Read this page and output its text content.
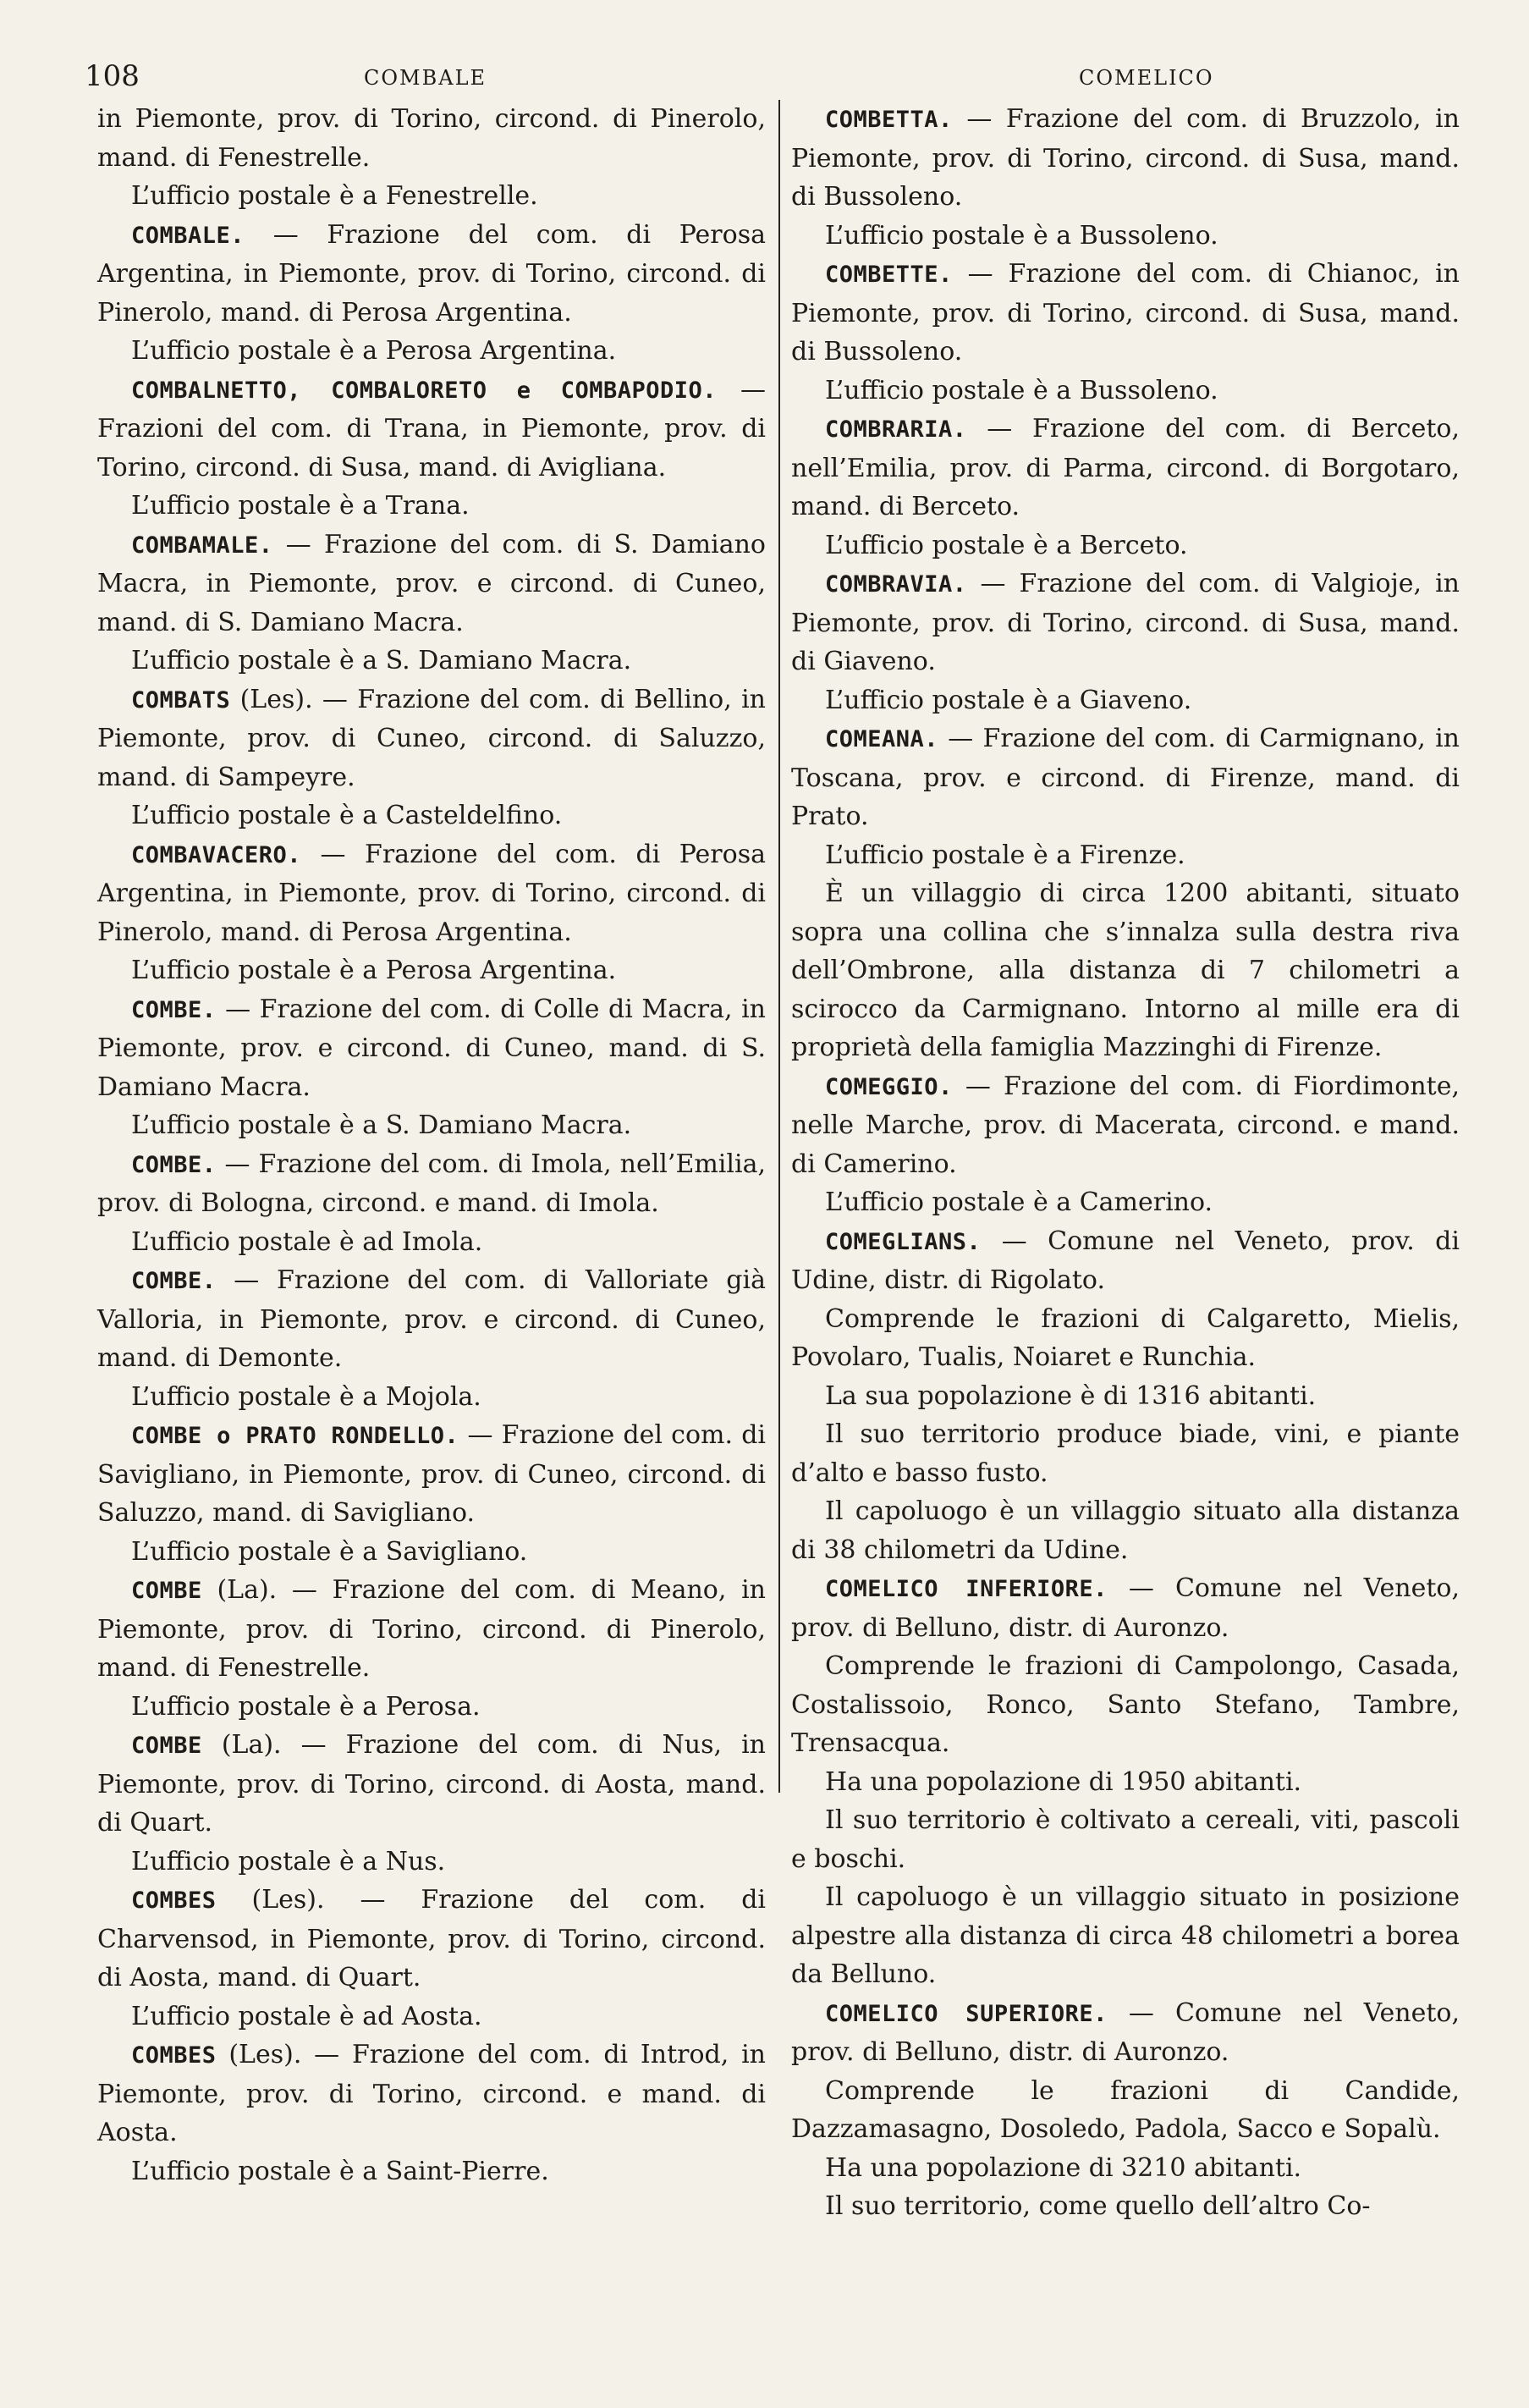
108	COMBALE	COMELICO

in Piemonte, prov. di Torino, circond. di Pinerolo, mand. di Fenestrelle.

L’ufficio postale è a Fenestrelle.

COMBALE. — Frazione del com. di Perosa Argentina, in Piemonte, prov. di Torino, circond. di Pinerolo, mand. di Perosa Argentina.

L’ufficio postale è a Perosa Argentina.

COMBALNETTO, COMBALORETO e COMBAPODIO. — Frazioni del com. di Trana, in Piemonte, prov. di Torino, circond. di Susa, mand. di Avigliana.

L’ufficio postale è a Trana.

COMBAMALE. — Frazione del com. di S. Damiano Macra, in Piemonte, prov. e circond. di Cuneo, mand. di S. Damiano Macra.

L’ufficio postale è a S. Damiano Macra.

COMBATS (Les). — Frazione del com. di Bellino, in Piemonte, prov. di Cuneo, circond. di Saluzzo, mand. di Sampeyre.

L’ufficio postale è a Casteldelfino.

COMBAVACERO. — Frazione del com. di Perosa Argentina, in Piemonte, prov. di Torino, circond. di Pinerolo, mand. di Perosa Argentina.

L’ufficio postale è a Perosa Argentina.

COMBE. — Frazione del com. di Colle di Macra, in Piemonte, prov. e circond. di Cuneo, mand. di S. Damiano Macra.

L’ufficio postale è a S. Damiano Macra.

COMBE. — Frazione del com. di Imola, nell’Emilia, prov. di Bologna, circond. e mand. di Imola.

L’ufficio postale è ad Imola.

COMBE. — Frazione del com. di Valloriate già Valloria, in Piemonte, prov. e circond. di Cuneo, mand. di Demonte.

L’ufficio postale è a Mojola.

COMBE o PRATO RONDELLO. — Frazione del com. di Savigliano, in Piemonte, prov. di Cuneo, circond. di Saluzzo, mand. di Savigliano.

L’ufficio postale è a Savigliano.

COMBE (La). — Frazione del com. di Meano, in Piemonte, prov. di Torino, circond. di Pinerolo, mand. di Fenestrelle.

L’ufficio postale è a Perosa.

COMBE (La). — Frazione del com. di Nus, in Piemonte, prov. di Torino, circond. di Aosta, mand. di Quart.

L’ufficio postale è a Nus.

COMBES (Les). — Frazione del com. di Charvensod, in Piemonte, prov. di Torino, circond. di Aosta, mand. di Quart.

L’ufficio postale è ad Aosta.

COMBES (Les). — Frazione del com. di Introd, in Piemonte, prov. di Torino, circond. e mand. di Aosta.

L’ufficio postale è a Saint-Pierre.

COMBETTA. — Frazione del com. di Bruzzolo, in Piemonte, prov. di Torino, circond. di Susa, mand. di Bussoleno.

L’ufficio postale è a Bussoleno.

COMBETTE. — Frazione del com. di Chianoc, in Piemonte, prov. di Torino, circond. di Susa, mand. di Bussoleno.

L’ufficio postale è a Bussoleno.

COMBRARIA. — Frazione del com. di Berceto, nell’Emilia, prov. di Parma, circond. di Borgotaro, mand. di Berceto.

L’ufficio postale è a Berceto.

COMBRAVIA. — Frazione del com. di Valgioje, in Piemonte, prov. di Torino, circond. di Susa, mand. di Giaveno.

L’ufficio postale è a Giaveno.

COMEANA. — Frazione del com. di Carmignano, in Toscana, prov. e circond. di Firenze, mand. di Prato.

L’ufficio postale è a Firenze.

È un villaggio di circa 1200 abitanti, situato sopra una collina che s’innalza sulla destra riva dell’Ombrone, alla distanza di 7 chilometri a scirocco da Carmignano. Intorno al mille era di proprietà della famiglia Mazzinghi di Firenze.

COMEGGIO. — Frazione del com. di Fiordimonte, nelle Marche, prov. di Macerata, circond. e mand. di Camerino.

L’ufficio postale è a Camerino.

COMEGLIANS. — Comune nel Veneto, prov. di Udine, distr. di Rigolato.

Comprende le frazioni di Calgaretto, Mielis, Povolaro, Tualis, Noiaret e Runchia.

La sua popolazione è di 1316 abitanti.

Il suo territorio produce biade, vini, e piante d’alto e basso fusto.

Il capoluogo è un villaggio situato alla distanza di 38 chilometri da Udine.

COMELICO INFERIORE. — Comune nel Veneto, prov. di Belluno, distr. di Auronzo.

Comprende le frazioni di Campolongo, Casada, Costalissoio, Ronco, Santo Stefano, Tambre, Trensacqua.

Ha una popolazione di 1950 abitanti.

Il suo territorio è coltivato a cereali, viti, pascoli e boschi.

Il capoluogo è un villaggio situato in posizione alpestre alla distanza di circa 48 chilometri a borea da Belluno.

COMELICO SUPERIORE. — Comune nel Veneto, prov. di Belluno, distr. di Auronzo.

Comprende le frazioni di Candide, Dazzamasagno, Dosoledo, Padola, Sacco e Sopalù.

Ha una popolazione di 3210 abitanti.

Il suo territorio, come quello dell’altro Co-
